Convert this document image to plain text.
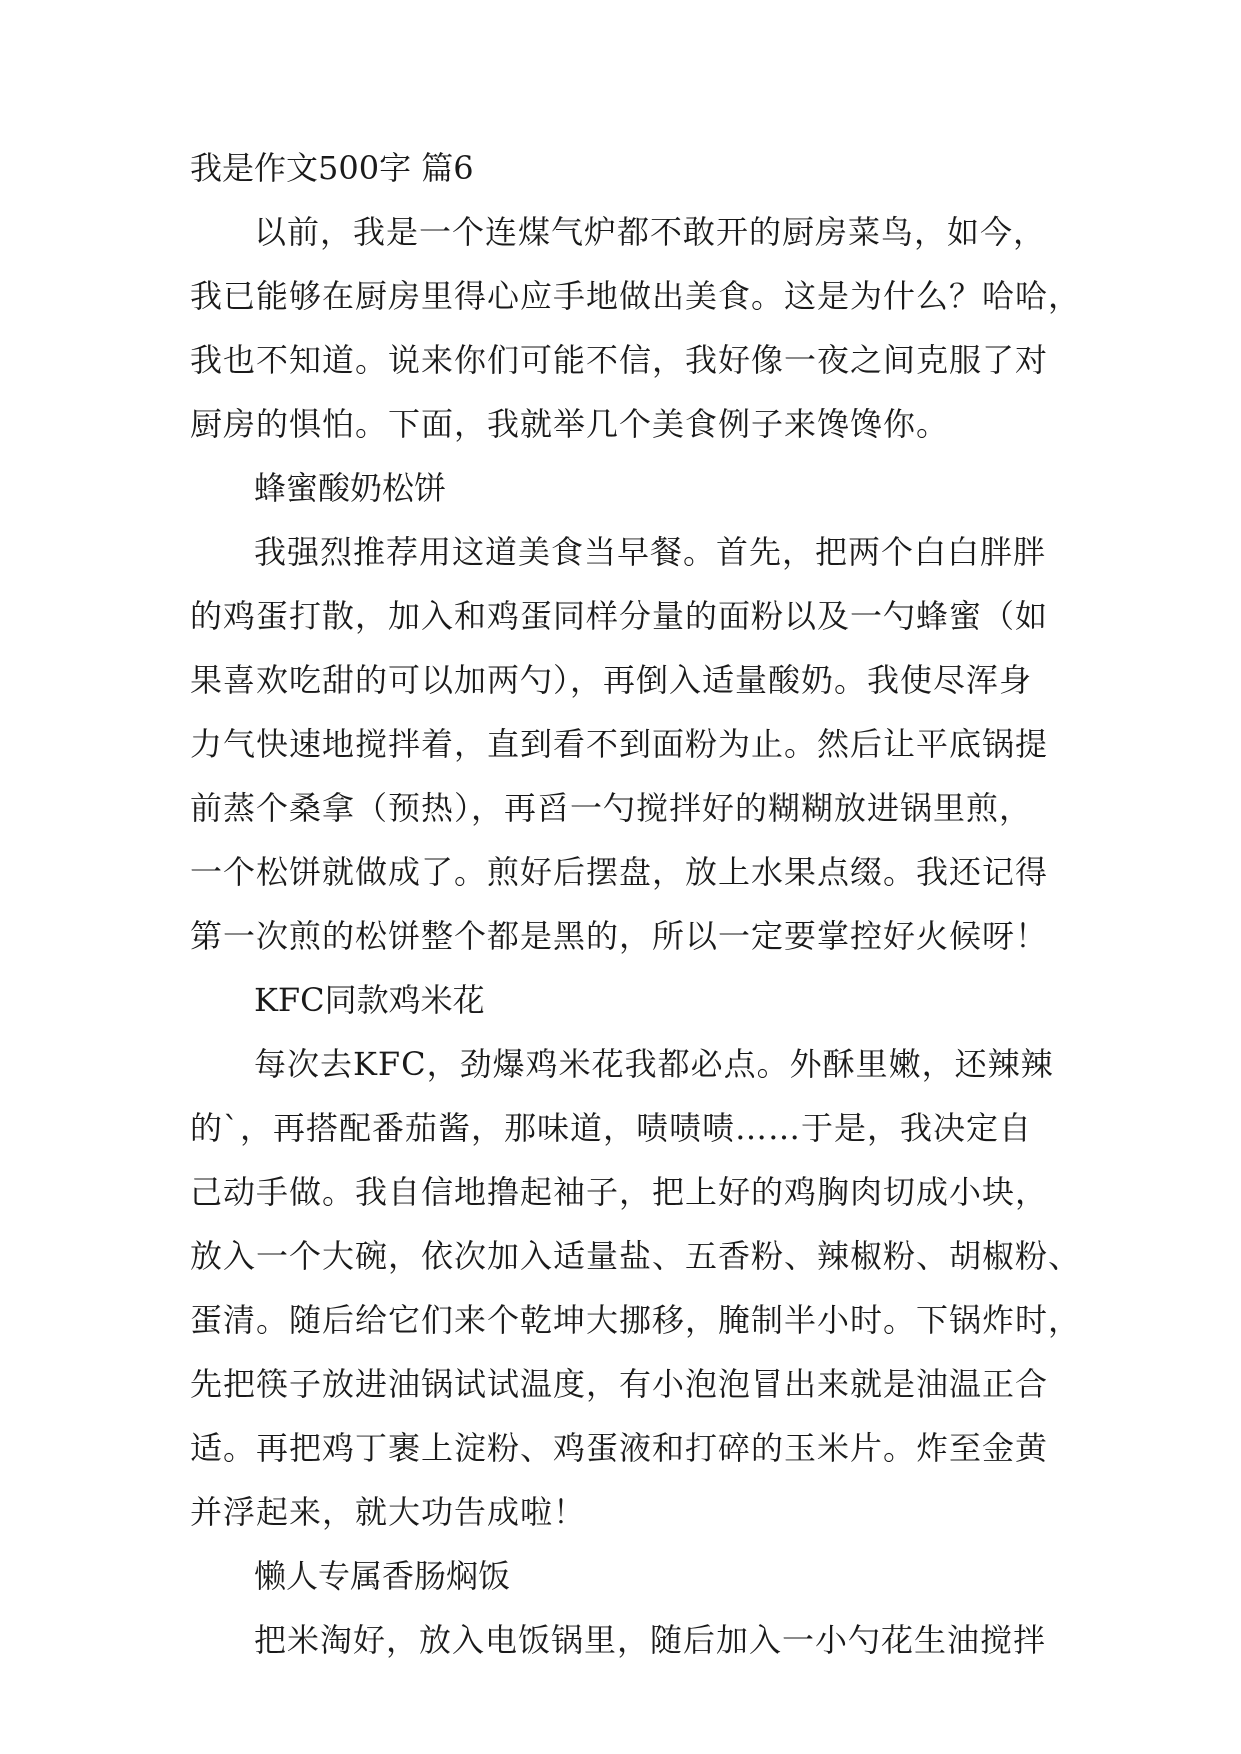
我是作文500字 篇6
以前，我是一个连煤气炉都不敢开的厨房菜鸟，如今，
我已能够在厨房里得心应手地做出美食。这是为什么？哈哈，
我也不知道。说来你们可能不信，我好像一夜之间克服了对
厨房的惧怕。下面，我就举几个美食例子来馋馋你。
蜂蜜酸奶松饼
我强烈推荐用这道美食当早餐。首先，把两个白白胖胖
的鸡蛋打散，加入和鸡蛋同样分量的面粉以及一勺蜂蜜（如
果喜欢吃甜的可以加两勺），再倒入适量酸奶。我使尽浑身
力气快速地搅拌着，直到看不到面粉为止。然后让平底锅提
前蒸个桑拿（预热），再舀一勺搅拌好的糊糊放进锅里煎，
一个松饼就做成了。煎好后摆盘，放上水果点缀。我还记得
第一次煎的松饼整个都是黑的，所以一定要掌控好火候呀！
KFC同款鸡米花
每次去KFC，劲爆鸡米花我都必点。外酥里嫩，还辣辣
的`，再搭配番茄酱，那味道，啧啧啧……于是，我决定自
己动手做。我自信地撸起袖子，把上好的鸡胸肉切成小块，
放入一个大碗，依次加入适量盐、五香粉、辣椒粉、胡椒粉、
蛋清。随后给它们来个乾坤大挪移，腌制半小时。下锅炸时，
先把筷子放进油锅试试温度，有小泡泡冒出来就是油温正合
适。再把鸡丁裹上淀粉、鸡蛋液和打碎的玉米片。炸至金黄
并浮起来，就大功告成啦！
懒人专属香肠焖饭
把米淘好，放入电饭锅里，随后加入一小勺花生油搅拌
